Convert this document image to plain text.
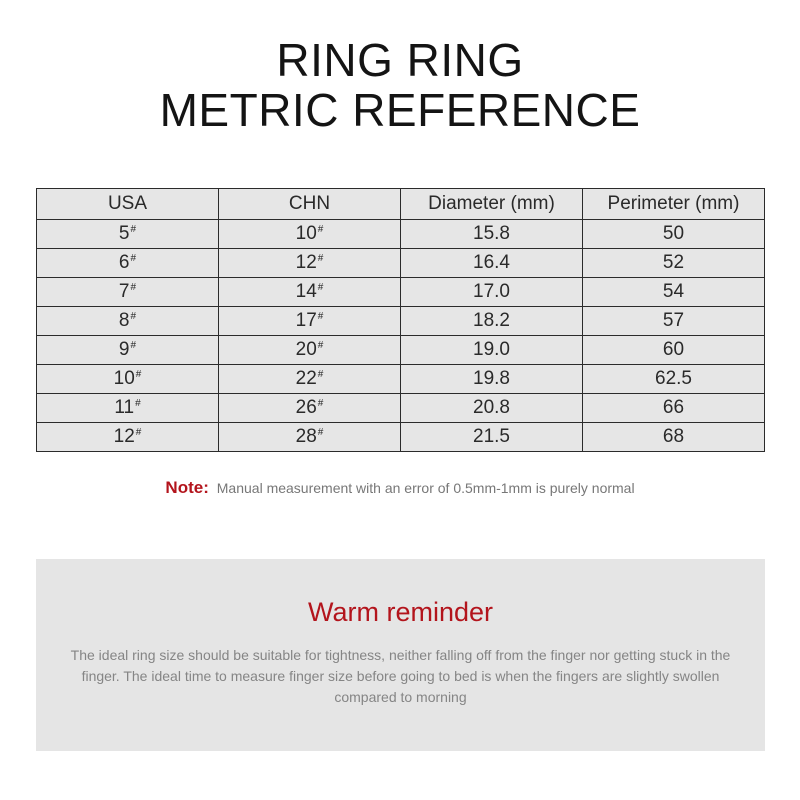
RING RING
METRIC REFERENCE
USA	CHN	Diameter (mm)	Perimeter (mm)
5#	10#	15.8	50
6#	12#	16.4	52
7#	14#	17.0	54
8#	17#	18.2	57
9#	20#	19.0	60
10#	22#	19.8	62.5
11#	26#	20.8	66
12#	28#	21.5	68
Note: Manual measurement with an error of 0.5mm-1mm is purely normal
Warm reminder
The ideal ring size should be suitable for tightness, neither falling off from the finger nor getting stuck in the finger. The ideal time to measure finger size before going to bed is when the fingers are slightly swollen compared to morning
